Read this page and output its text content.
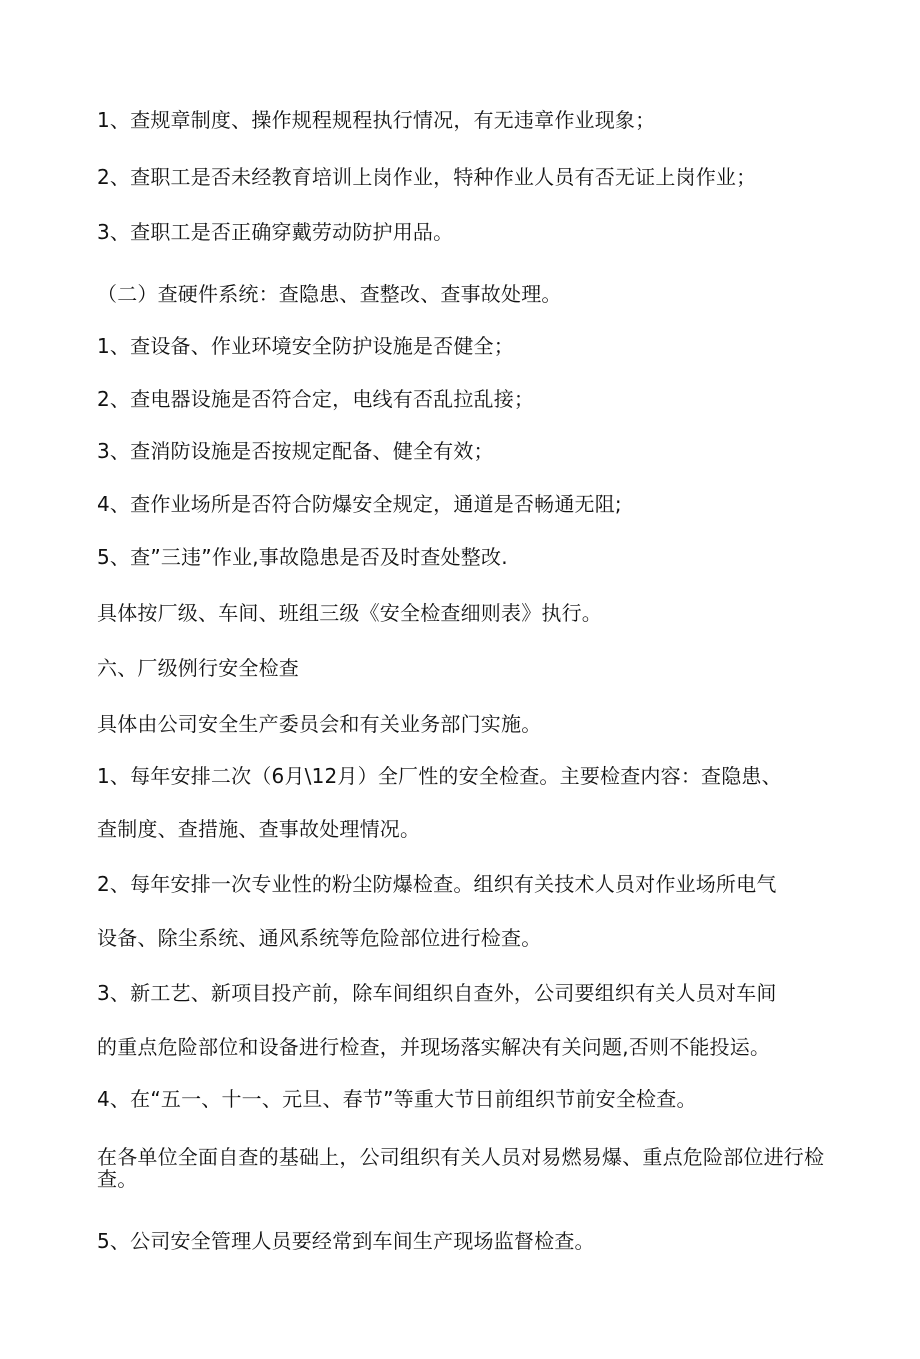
1、查规章制度、操作规程规程执行情况，有无违章作业现象；
2、查职工是否未经教育培训上岗作业，特种作业人员有否无证上岗作业；
3、查职工是否正确穿戴劳动防护用品。
（二）查硬件系统：查隐患、查整改、查事故处理。
1、查设备、作业环境安全防护设施是否健全；
2、查电器设施是否符合定，电线有否乱拉乱接；
3、查消防设施是否按规定配备、健全有效；
4、查作业场所是否符合防爆安全规定，通道是否畅通无阻;
5、查”三违”作业,事故隐患是否及时查处整改.
具体按厂级、车间、班组三级《安全检查细则表》执行。
六、厂级例行安全检查
具体由公司安全生产委员会和有关业务部门实施。
1、每年安排二次（6月\12月）全厂性的安全检查。主要检查内容：查隐患、
查制度、查措施、查事故处理情况。
2、每年安排一次专业性的粉尘防爆检查。组织有关技术人员对作业场所电气
设备、除尘系统、通风系统等危险部位进行检查。
3、新工艺、新项目投产前，除车间组织自查外，公司要组织有关人员对车间
的重点危险部位和设备进行检查，并现场落实解决有关问题,否则不能投运。
4、在“五一、十一、元旦、春节”等重大节日前组织节前安全检查。
在各单位全面自查的基础上，公司组织有关人员对易燃易爆、重点危险部位进行检查。
5、公司安全管理人员要经常到车间生产现场监督检查。
